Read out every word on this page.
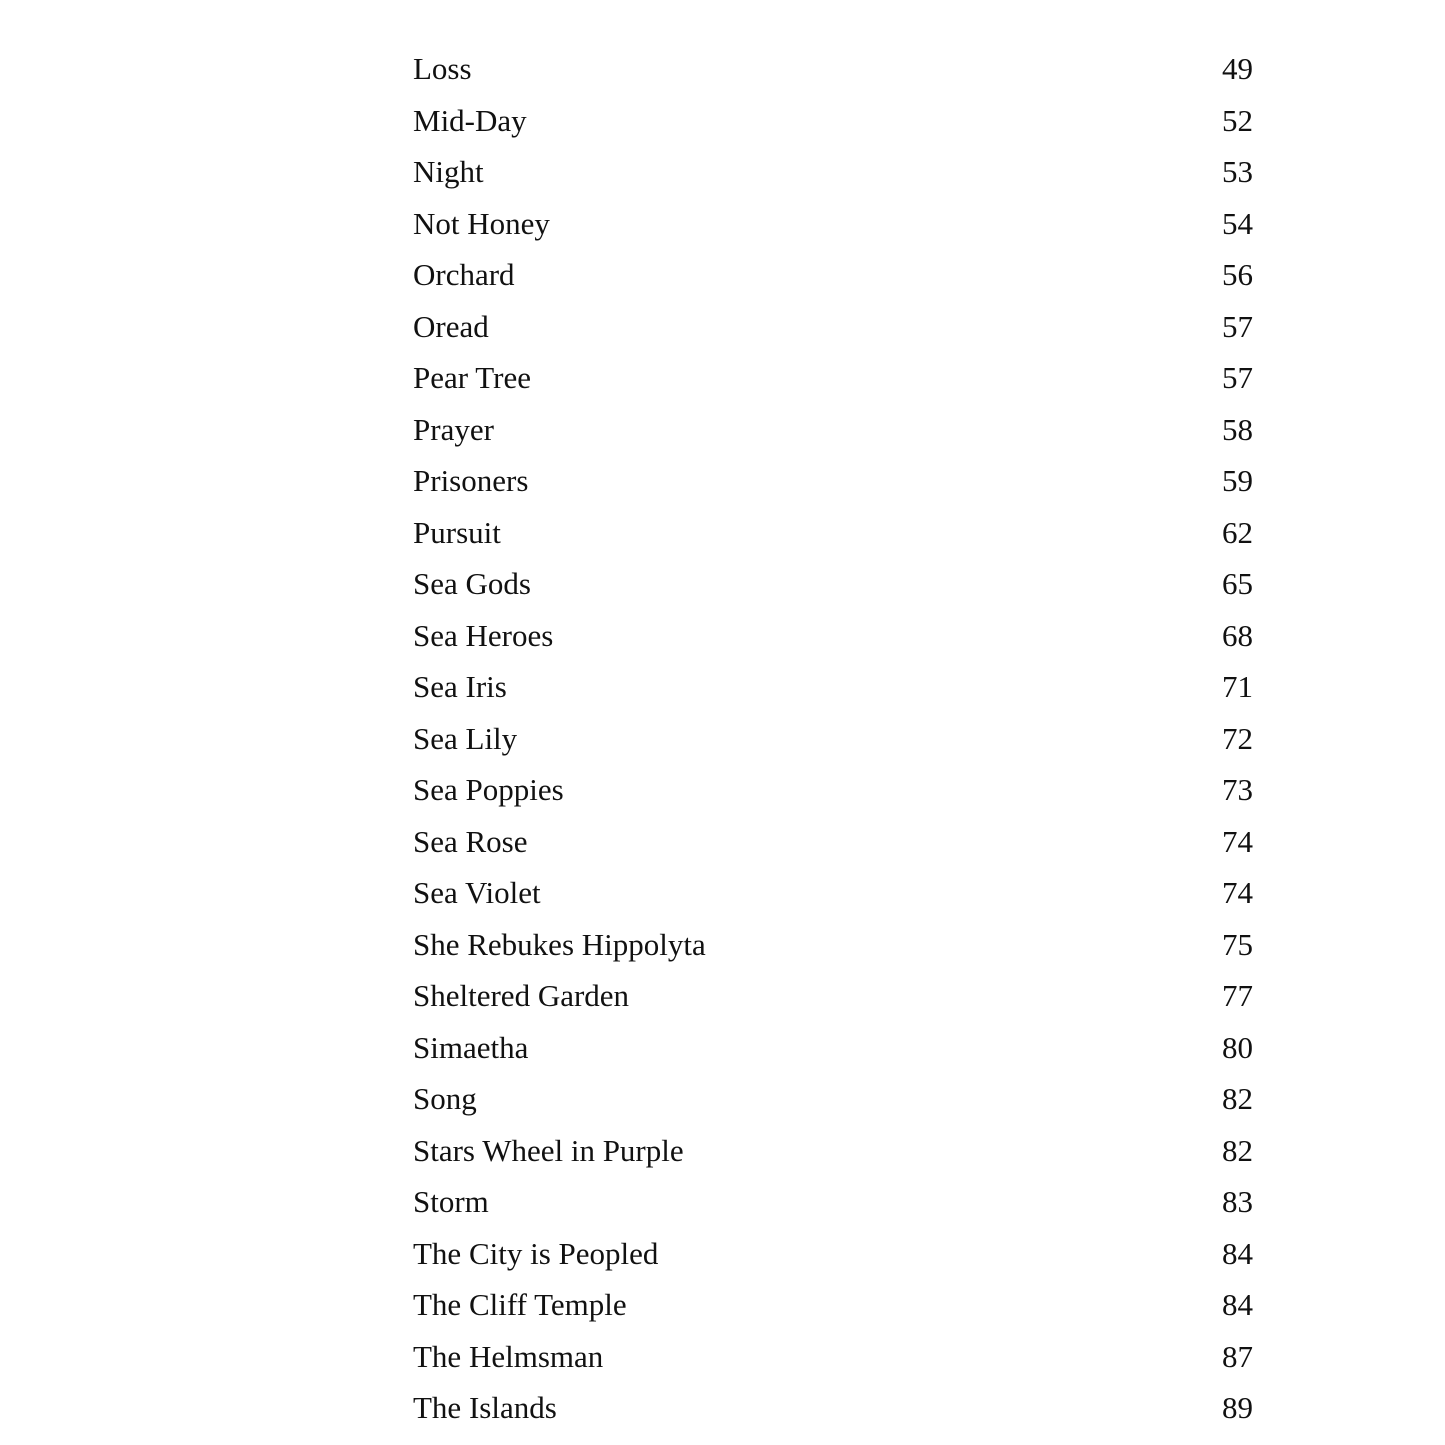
Loss	49
Mid-Day	52
Night	53
Not Honey	54
Orchard	56
Oread	57
Pear Tree	57
Prayer	58
Prisoners	59
Pursuit	62
Sea Gods	65
Sea Heroes	68
Sea Iris	71
Sea Lily	72
Sea Poppies	73
Sea Rose	74
Sea Violet	74
She Rebukes Hippolyta	75
Sheltered Garden	77
Simaetha	80
Song	82
Stars Wheel in Purple	82
Storm	83
The City is Peopled	84
The Cliff Temple	84
The Helmsman	87
The Islands	89
